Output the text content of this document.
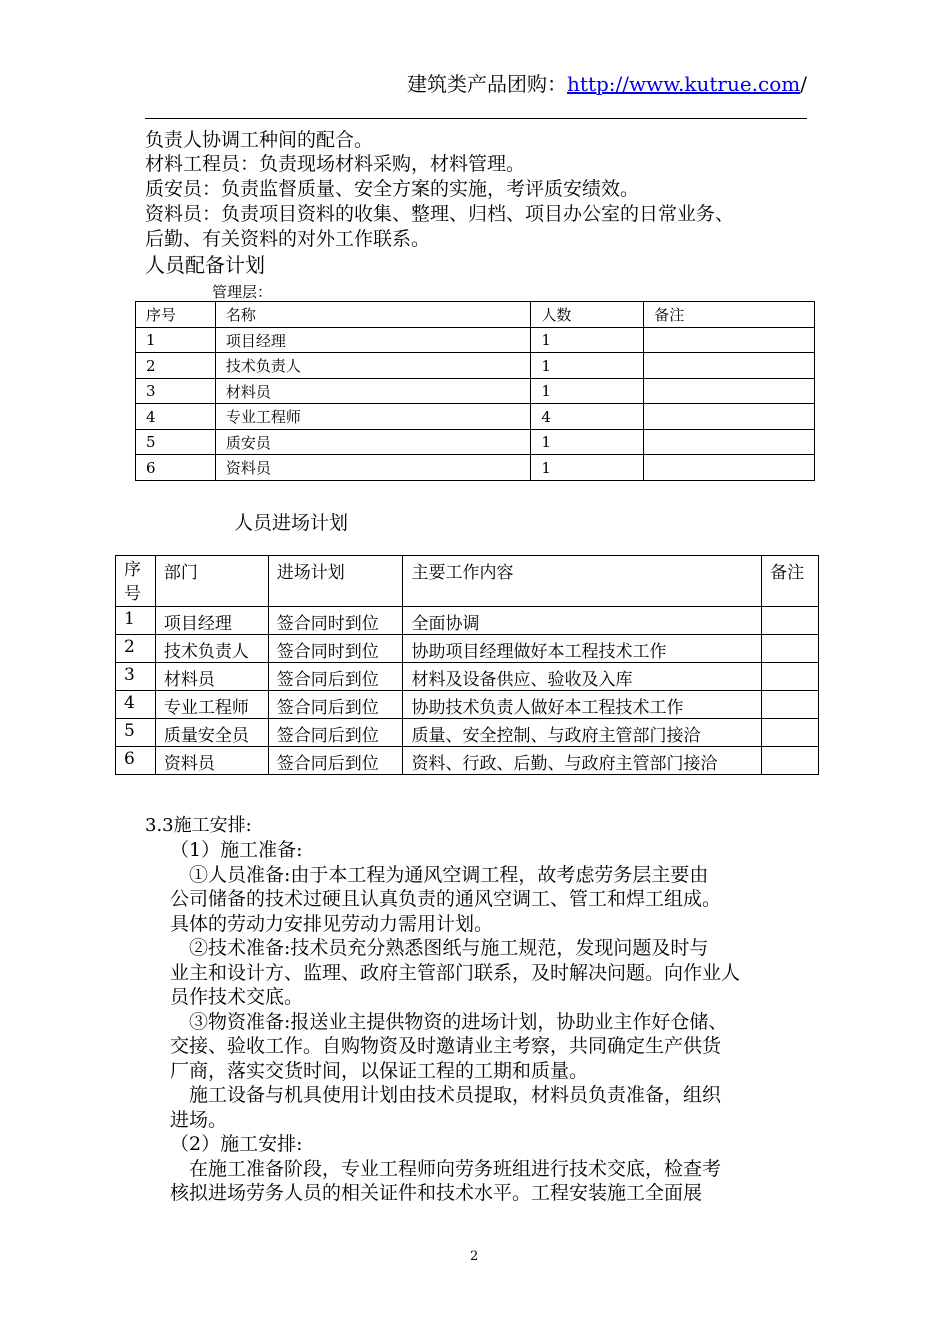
建筑类产品团购：http://www.kutrue.com/
负责人协调工种间的配合。
材料工程员：负责现场材料采购，材料管理。
质安员：负责监督质量、安全方案的实施，考评质安绩效。
资料员：负责项目资料的收集、整理、归档、项目办公室的日常业务、
后勤、有关资料的对外工作联系。
人员配备计划
管理层：
序号	名称	人数	备注
1	项目经理	1	
2	技术负责人	1	
3	材料员	1	
4	专业工程师	4	
5	质安员	1	
6	资料员	1	
人员进场计划
序
号	部门	进场计划	主要工作内容	备注
1	项目经理	签合同时到位	全面协调	
2	技术负责人	签合同时到位	协助项目经理做好本工程技术工作	
3	材料员	签合同后到位	材料及设备供应、验收及入库	
4	专业工程师	签合同后到位	协助技术负责人做好本工程技术工作	
5	质量安全员	签合同后到位	质量、安全控制、与政府主管部门接洽	
6	资料员	签合同后到位	资料、行政、后勤、与政府主管部门接洽	
3.3施工安排:
（1）施工准备:
　①人员准备:由于本工程为通风空调工程，故考虑劳务层主要由
公司储备的技术过硬且认真负责的通风空调工、管工和焊工组成。
具体的劳动力安排见劳动力需用计划。
　②技术准备:技术员充分熟悉图纸与施工规范，发现问题及时与
业主和设计方、监理、政府主管部门联系，及时解决问题。向作业人
员作技术交底。
　③物资准备:报送业主提供物资的进场计划，协助业主作好仓储、
交接、验收工作。自购物资及时邀请业主考察，共同确定生产供货
厂商，落实交货时间，以保证工程的工期和质量。
　施工设备与机具使用计划由技术员提取，材料员负责准备，组织
进场。
（2）施工安排:
　在施工准备阶段，专业工程师向劳务班组进行技术交底，检查考
核拟进场劳务人员的相关证件和技术水平。工程安装施工全面展
2
